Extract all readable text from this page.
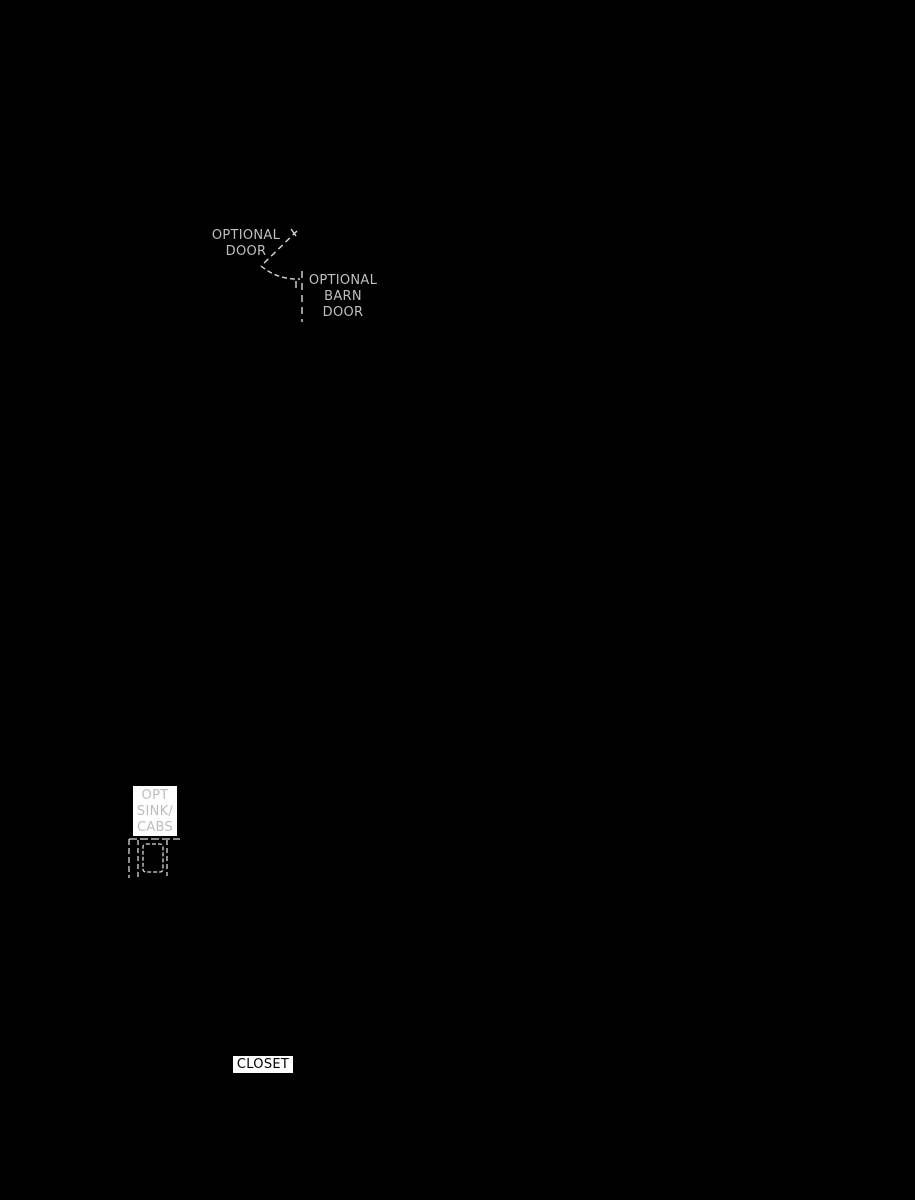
OPTIONAL
DOOR
OPTIONAL
BARN
DOOR
OPT
SINK/
CABS
CLOSET
